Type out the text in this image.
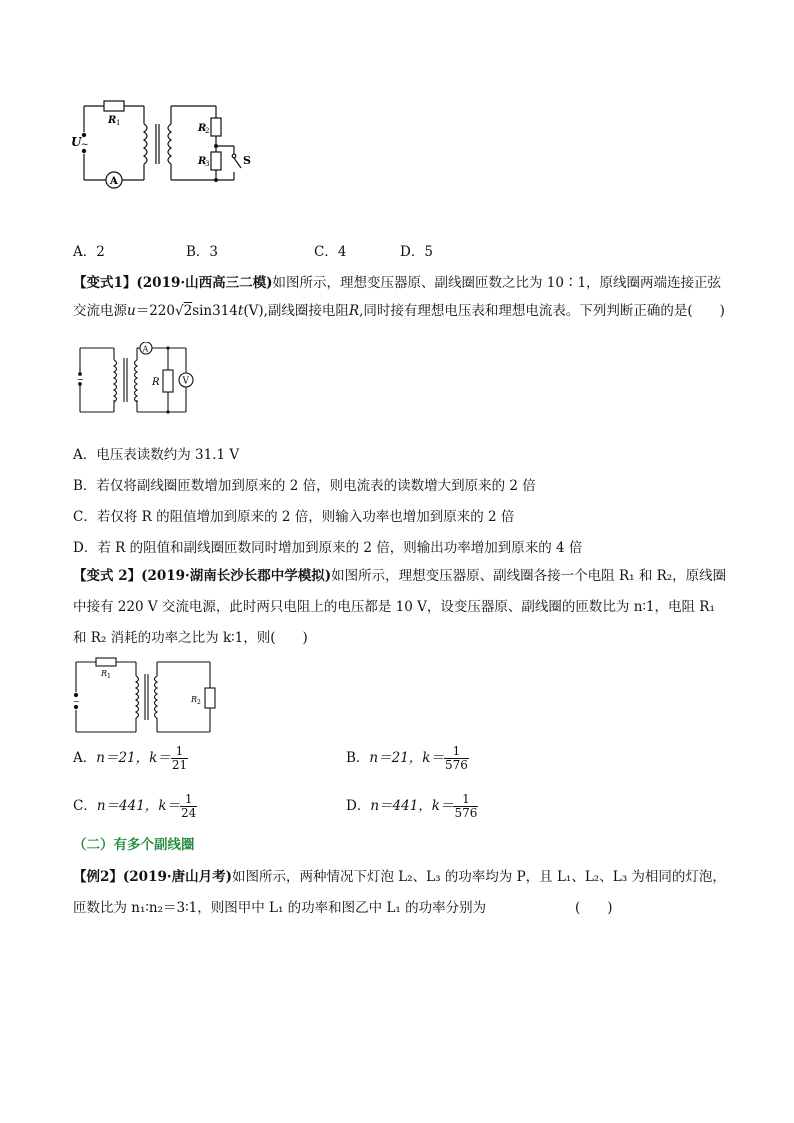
U ~
R 1	R
2
R
3
A
S
A．2	B．3	C．4	D．5
【变式1】(2019·山西高三二模)如图所示，理想变压器原、副线圈匝数之比为 10∶1，原线圈两端连接正弦
交流电源u＝220√2sin314t(V),副线圈接电阻R,同时接有理想电压表和理想电流表。下列判断正确的是(　　)
~
A
V
R
A．电压表读数约为 31.1 V
B．若仅将副线圈匝数增加到原来的 2 倍，则电流表的读数增大到原来的 2 倍
C．若仅将 R 的阻值增加到原来的 2 倍，则输入功率也增加到原来的 2 倍
D．若 R 的阻值和副线圈匝数同时增加到原来的 2 倍，则输出功率增加到原来的 4 倍
【变式 2】(2019·湖南长沙长郡中学模拟)如图所示，理想变压器原、副线圈各接一个电阻 R₁ 和 R₂，原线圈
中接有 220 V 交流电源，此时两只电阻上的电压都是 10 V，设变压器原、副线圈的匝数比为 n∶1，电阻 R₁
和 R₂ 消耗的功率之比为 k∶1，则(　　)
~
R 1
R 2
A．n＝21，$k= \frac{1}{21}$	B．n＝21，$k= \frac{1}{576}$
C．n＝441，$k= \frac{1}{24}$	D．n＝441，$k= \frac{1}{576}$
（二）有多个副线圈
【例2】(2019·唐山月考)如图所示，两种情况下灯泡 L₂、L₃ 的功率均为 P，且 L₁、L₂、L₃ 为相同的灯泡，
匝数比为 n₁∶n₂＝3∶1，则图甲中 L₁ 的功率和图乙中 L₁ 的功率分别为	(　　)
